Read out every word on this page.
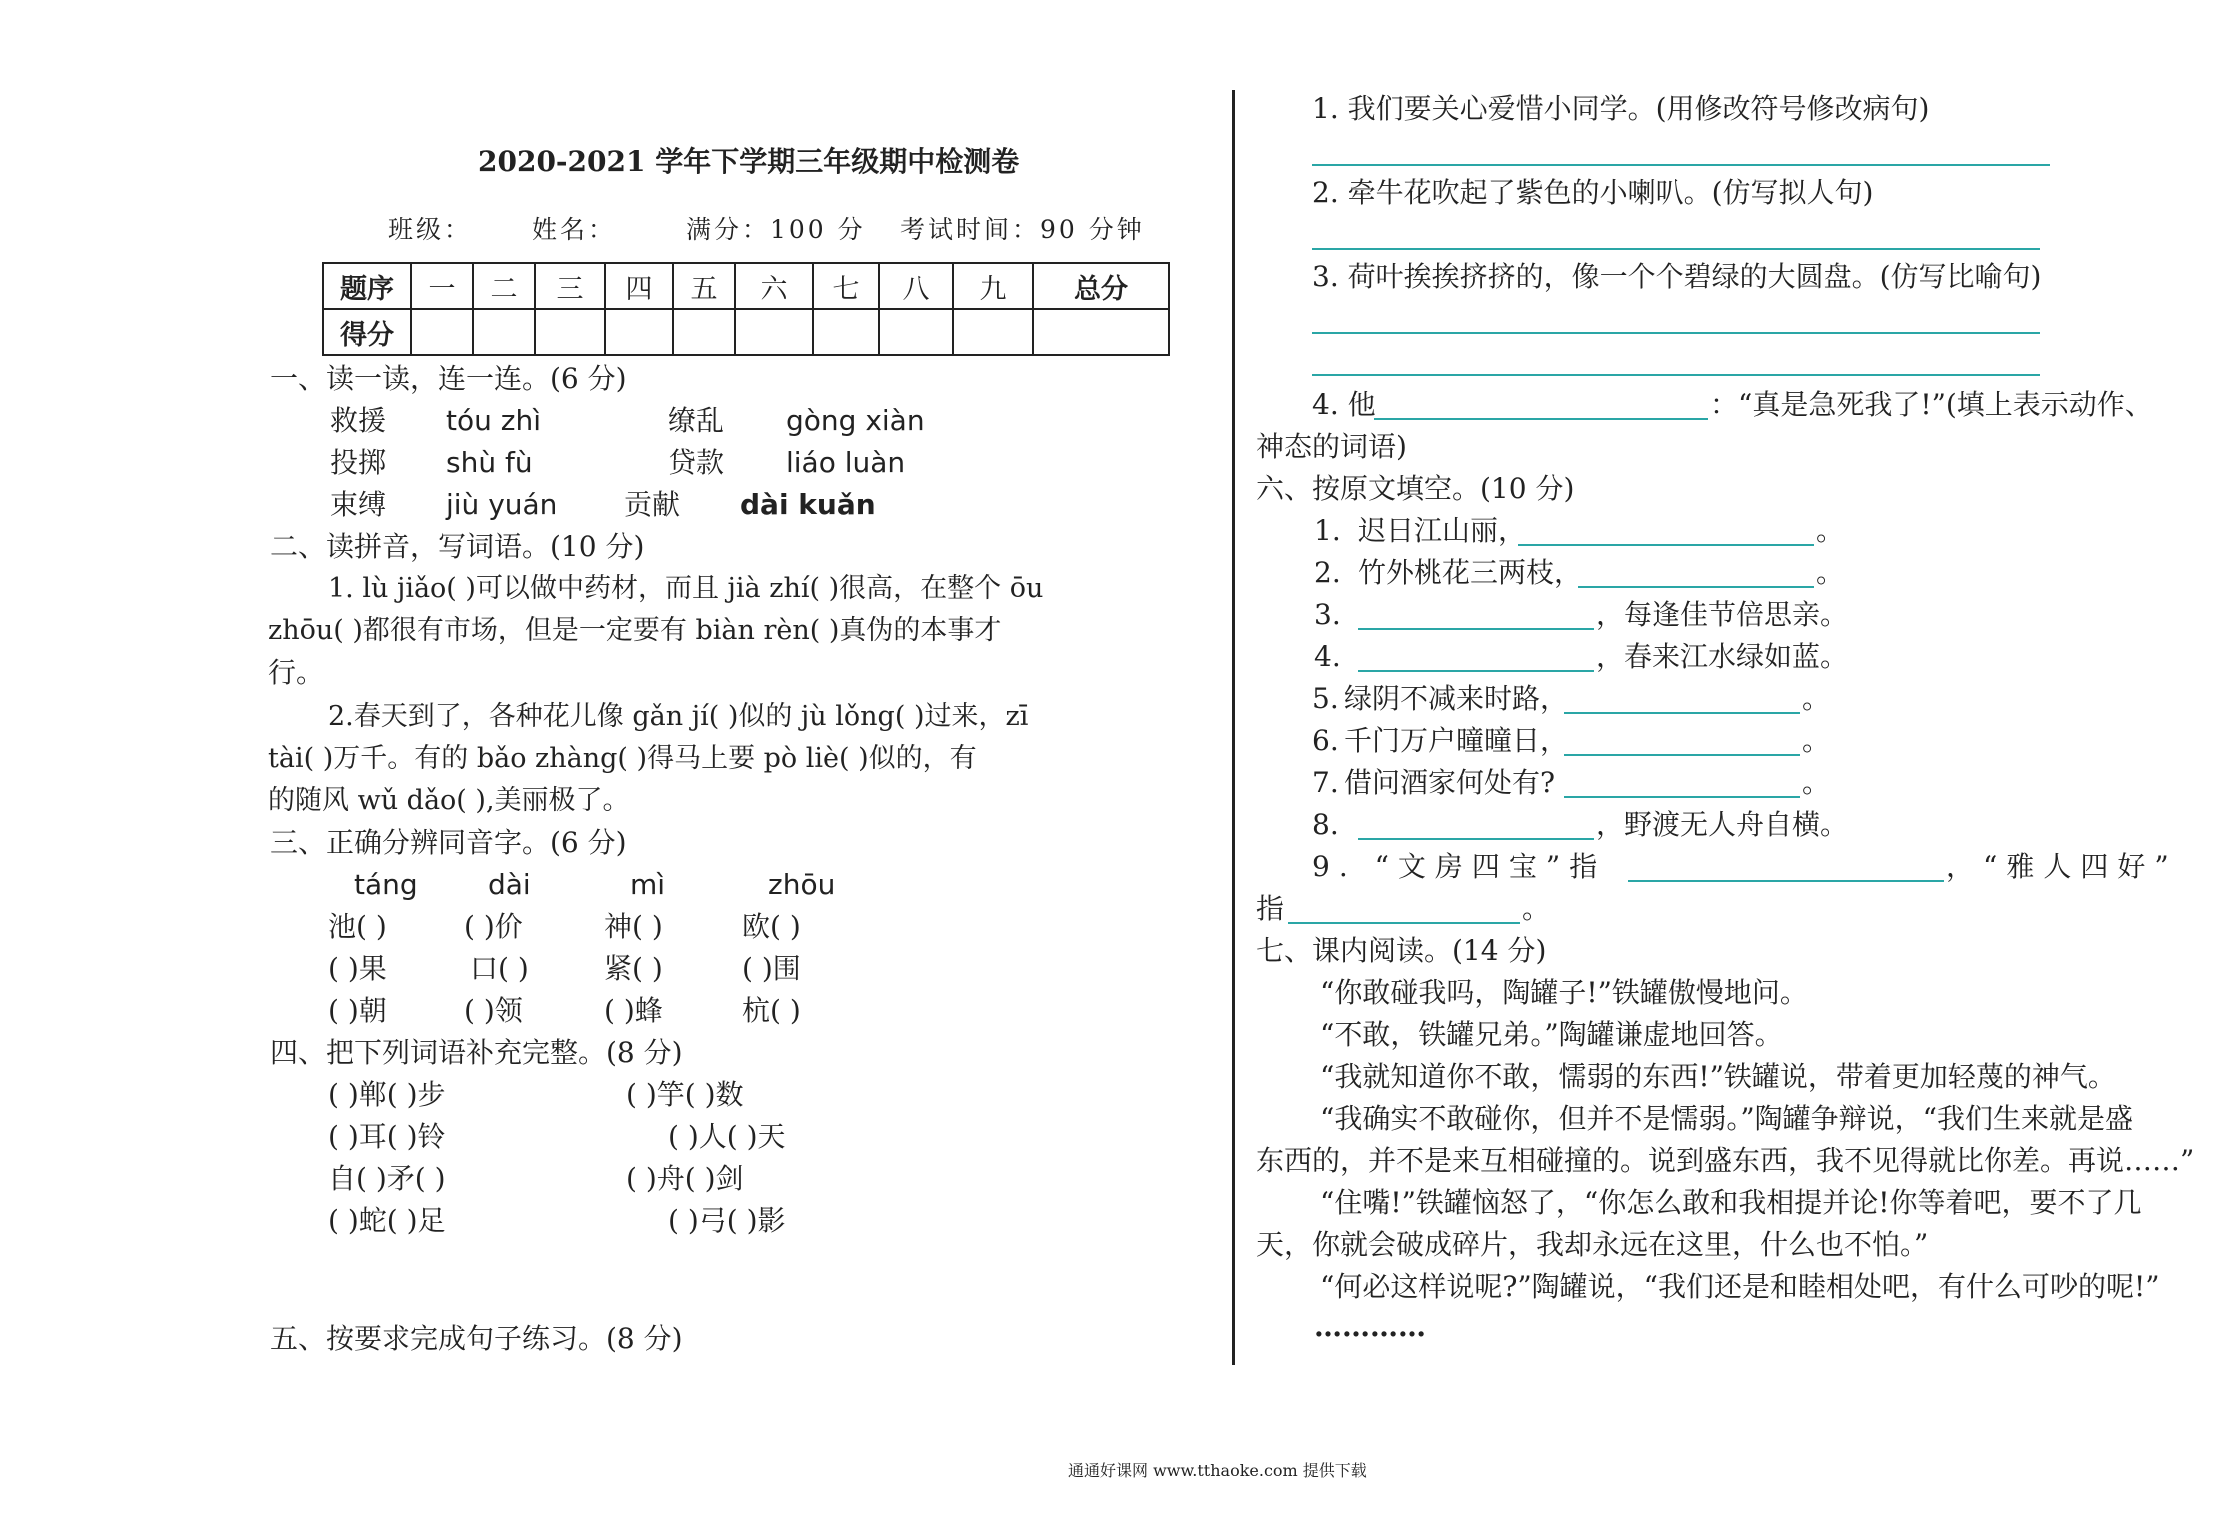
2020-2021 学年下学期三年级期中检测卷
班级： 姓名：	满分：100 分 考试时间：90 分钟
题序	一	二	三	四	五	六	七	八	九	总分
得分										
一、读一读，连一连。(6 分)
救援 tóu zhì	缭乱 gòng xiàn
投掷 shù fù	贷款 liáo luàn
束缚 jiù yuán 贡献 dài kuǎn
二、读拼音，写词语。(10 分)
1. lù jiǎo( )可以做中药材，而且 jià zhí( )很高，在整个 ōu
zhōu( )都很有市场，但是一定要有 biàn rèn( )真伪的本事才
行。
2.春天到了，各种花儿像 gǎn jí( )似的 jù lǒng( )过来，zī
tài( )万千。有的 bǎo zhàng( )得马上要 pò liè( )似的，有
的随风 wǔ dǎo( ),美丽极了。
三、正确分辨同音字。(6 分)
táng	dài	mì	zhōu
池( )	( )价	神( )	欧( )
( )果	口( )	紧( )	( )围
( )朝	( )领	( )蜂	杭( )
四、把下列词语补充完整。(8 分)
( )郸( )步	( )竽( )数
( )耳( )铃	( )人( )天
自( )矛( )	( )舟( )剑
( )蛇( )足	( )弓( )影
五、按要求完成句子练习。(8 分)
1. 我们要关心爱惜小同学。(用修改符号修改病句)
2. 牵牛花吹起了紫色的小喇叭。(仿写拟人句)
3. 荷叶挨挨挤挤的，像一个个碧绿的大圆盘。(仿写比喻句)
4. 他	：“真是急死我了!”(填上表示动作、
神态的词语)
六、按原文填空。(10 分)
1. 迟日江山丽，	。
2. 竹外桃花三两枝，	。
3.	，每逢佳节倍思亲。
4.	，春来江水绿如蓝。
5. 绿阴不减来时路，	。
6. 千门万户曈曈日，	。
7. 借问酒家何处有?	。
8.	，野渡无人舟自横。
9. “文房四宝”指	，“雅人四好”
指	。
七、课内阅读。(14 分)
“你敢碰我吗，陶罐子!”铁罐傲慢地问。
“不敢，铁罐兄弟。”陶罐谦虚地回答。
“我就知道你不敢，懦弱的东西!”铁罐说，带着更加轻蔑的神气。
“我确实不敢碰你，但并不是懦弱。”陶罐争辩说，“我们生来就是盛
东西的，并不是来互相碰撞的。说到盛东西，我不见得就比你差。再说……”
“住嘴!”铁罐恼怒了，“你怎么敢和我相提并论!你等着吧，要不了几
天，你就会破成碎片，我却永远在这里，什么也不怕。”
“何必这样说呢?”陶罐说，“我们还是和睦相处吧，有什么可吵的呢!”
…………
通通好课网 www.tthaoke.com 提供下载
